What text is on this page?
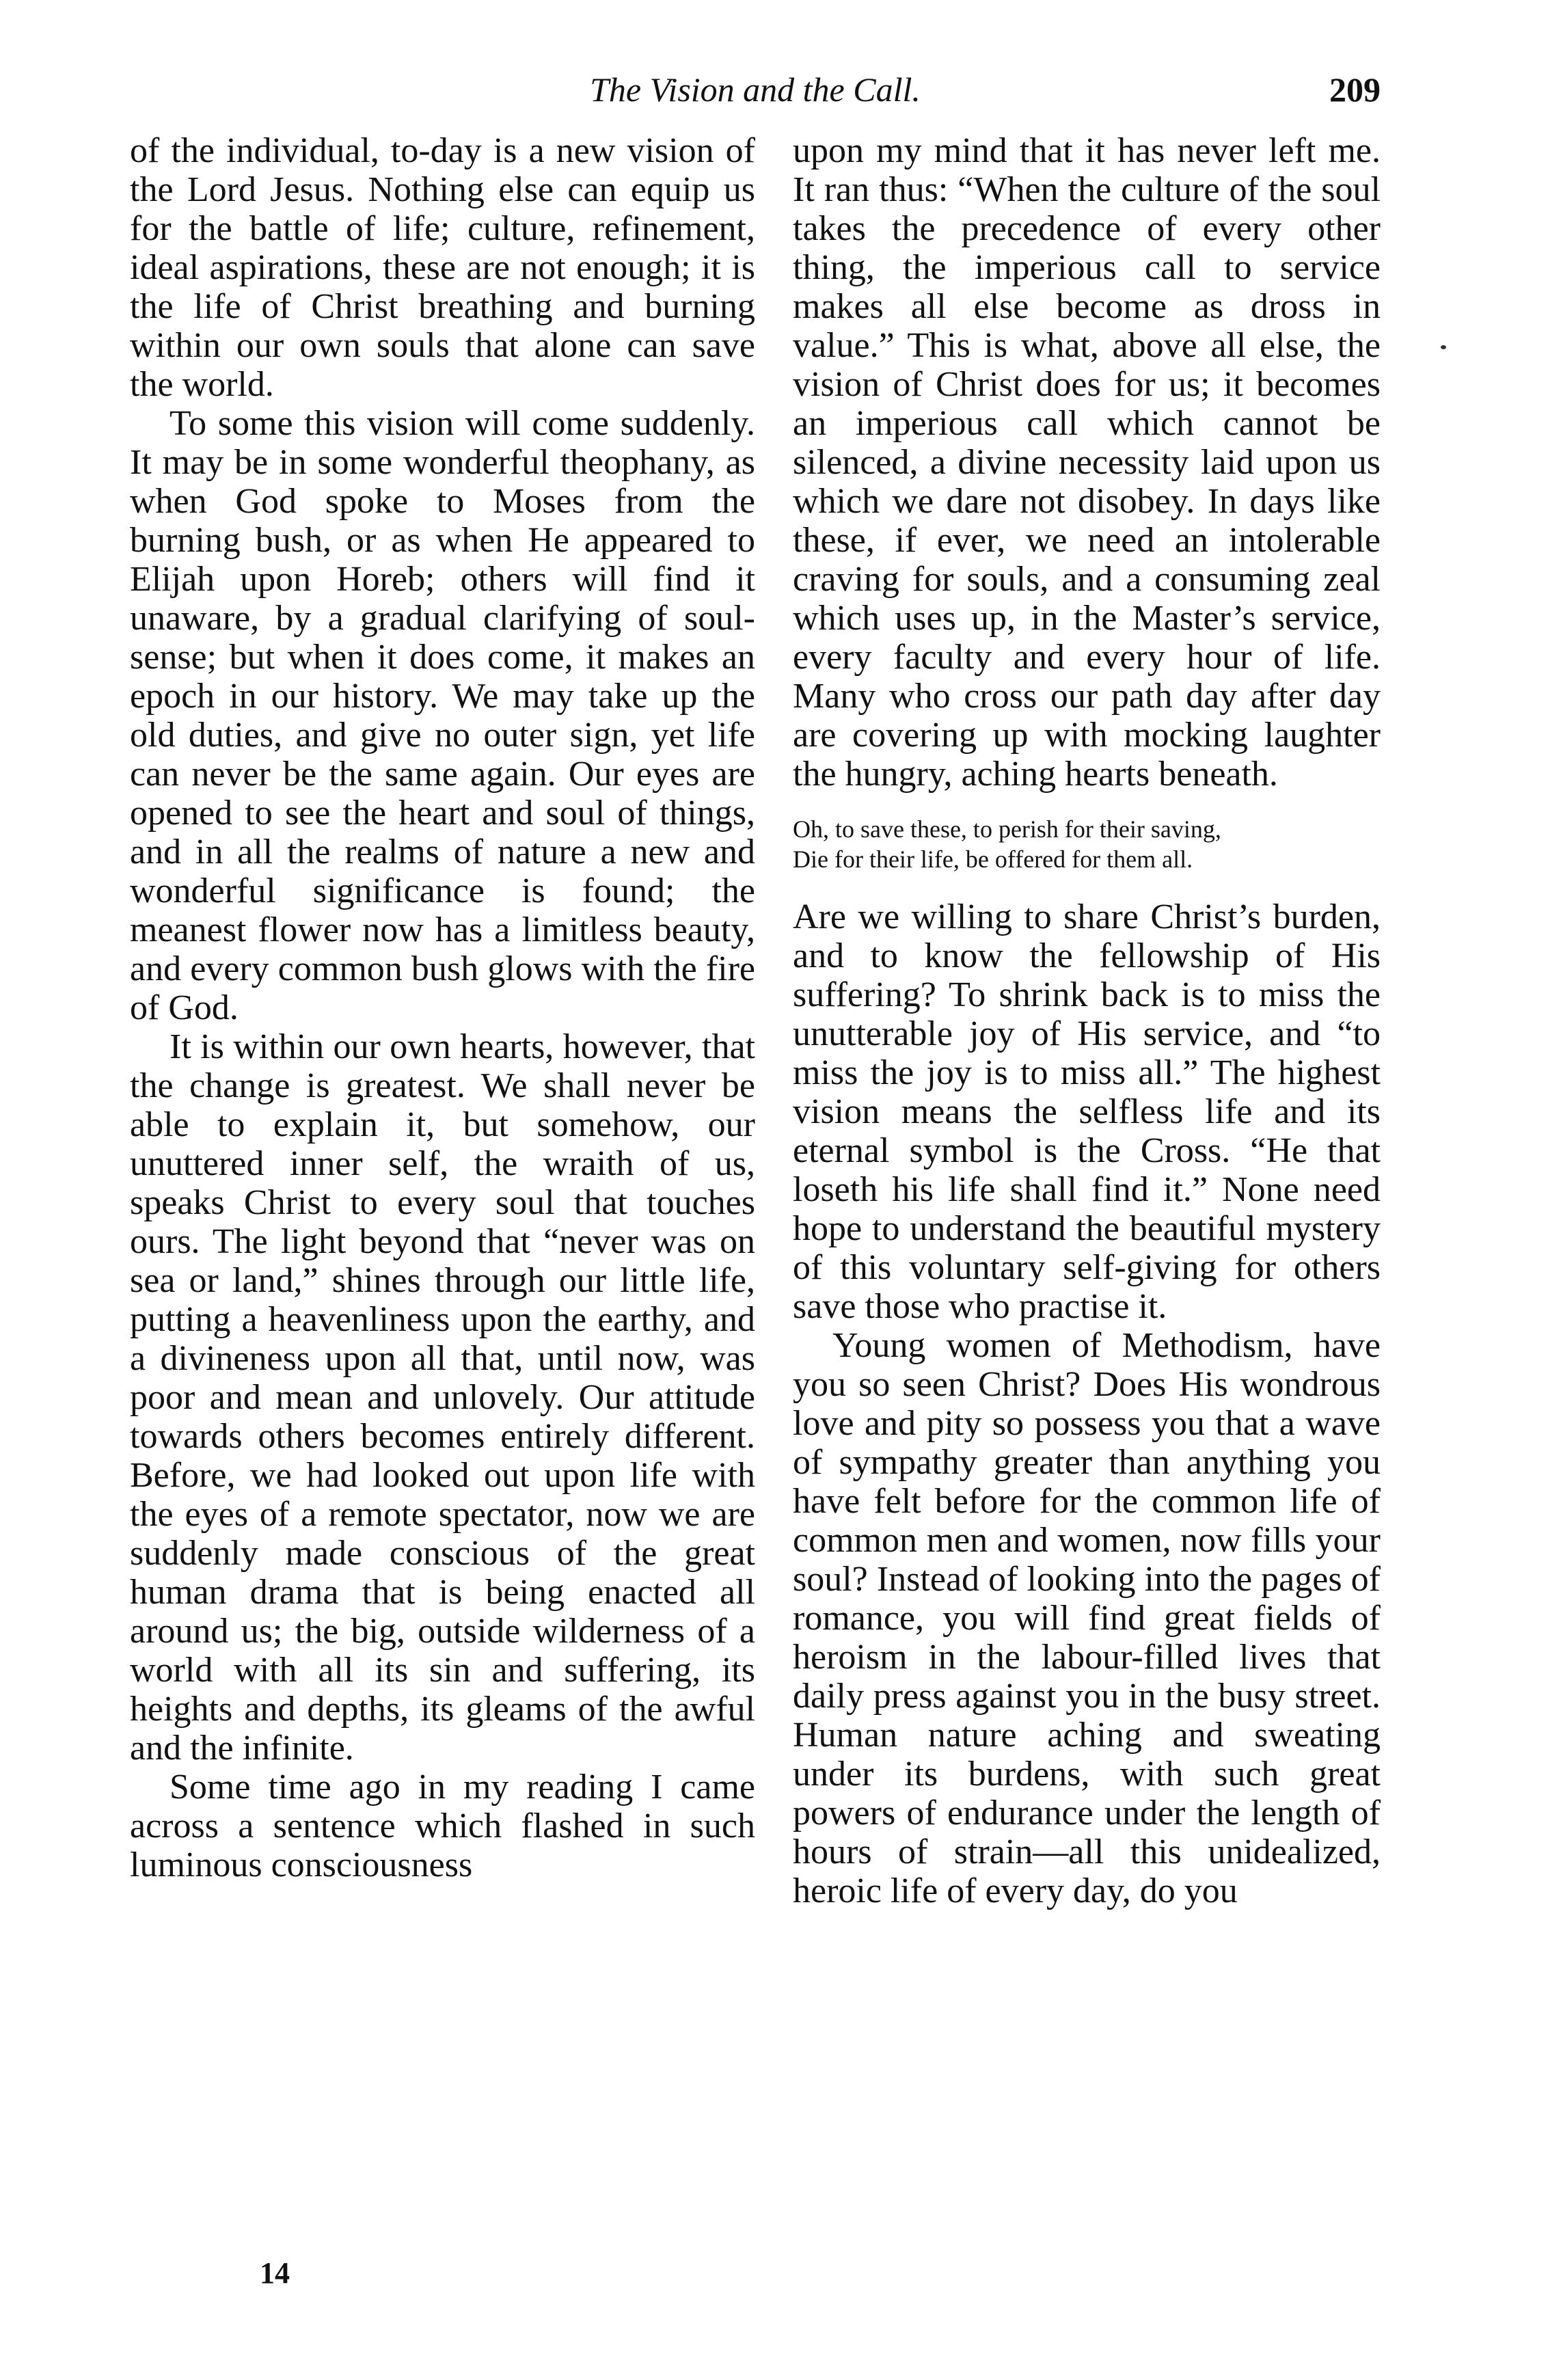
The Vision and the Call.	209

of the individual, to-day is a new vision of the Lord Jesus. Nothing else can equip us for the battle of life; culture, refinement, ideal aspirations, these are not enough; it is the life of Christ breathing and burning within our own souls that alone can save the world.

To some this vision will come suddenly. It may be in some wonderful theophany, as when God spoke to Moses from the burning bush, or as when He appeared to Elijah upon Horeb; others will find it unaware, by a gradual clarifying of soul-sense; but when it does come, it makes an epoch in our history. We may take up the old duties, and give no outer sign, yet life can never be the same again. Our eyes are opened to see the heart and soul of things, and in all the realms of nature a new and wonderful significance is found; the meanest flower now has a limitless beauty, and every common bush glows with the fire of God.

It is within our own hearts, however, that the change is greatest. We shall never be able to explain it, but somehow, our unuttered inner self, the wraith of us, speaks Christ to every soul that touches ours. The light beyond that “never was on sea or land,” shines through our little life, putting a heavenliness upon the earthy, and a divineness upon all that, until now, was poor and mean and unlovely. Our attitude towards others becomes entirely different. Before, we had looked out upon life with the eyes of a remote spectator, now we are suddenly made conscious of the great human drama that is being enacted all around us; the big, outside wilderness of a world with all its sin and suffering, its heights and depths, its gleams of the awful and the infinite.

Some time ago in my reading I came across a sentence which flashed in such luminous consciousness

upon my mind that it has never left me. It ran thus: “When the culture of the soul takes the precedence of every other thing, the imperious call to service makes all else become as dross in value.” This is what, above all else, the vision of Christ does for us; it becomes an imperious call which cannot be silenced, a divine necessity laid upon us which we dare not disobey. In days like these, if ever, we need an intolerable craving for souls, and a consuming zeal which uses up, in the Master’s service, every faculty and every hour of life. Many who cross our path day after day are covering up with mocking laughter the hungry, aching hearts beneath.

Oh, to save these, to perish for their saving,
Die for their life, be offered for them all.

Are we willing to share Christ’s burden, and to know the fellowship of His suffering? To shrink back is to miss the unutterable joy of His service, and “to miss the joy is to miss all.” The highest vision means the selfless life and its eternal symbol is the Cross. “He that loseth his life shall find it.” None need hope to understand the beautiful mystery of this voluntary self-giving for others save those who practise it.

Young women of Methodism, have you so seen Christ? Does His wondrous love and pity so possess you that a wave of sympathy greater than anything you have felt before for the common life of common men and women, now fills your soul? Instead of looking into the pages of romance, you will find great fields of heroism in the labour-filled lives that daily press against you in the busy street. Human nature aching and sweating under its burdens, with such great powers of endurance under the length of hours of strain—all this unidealized, heroic life of every day, do you

14
